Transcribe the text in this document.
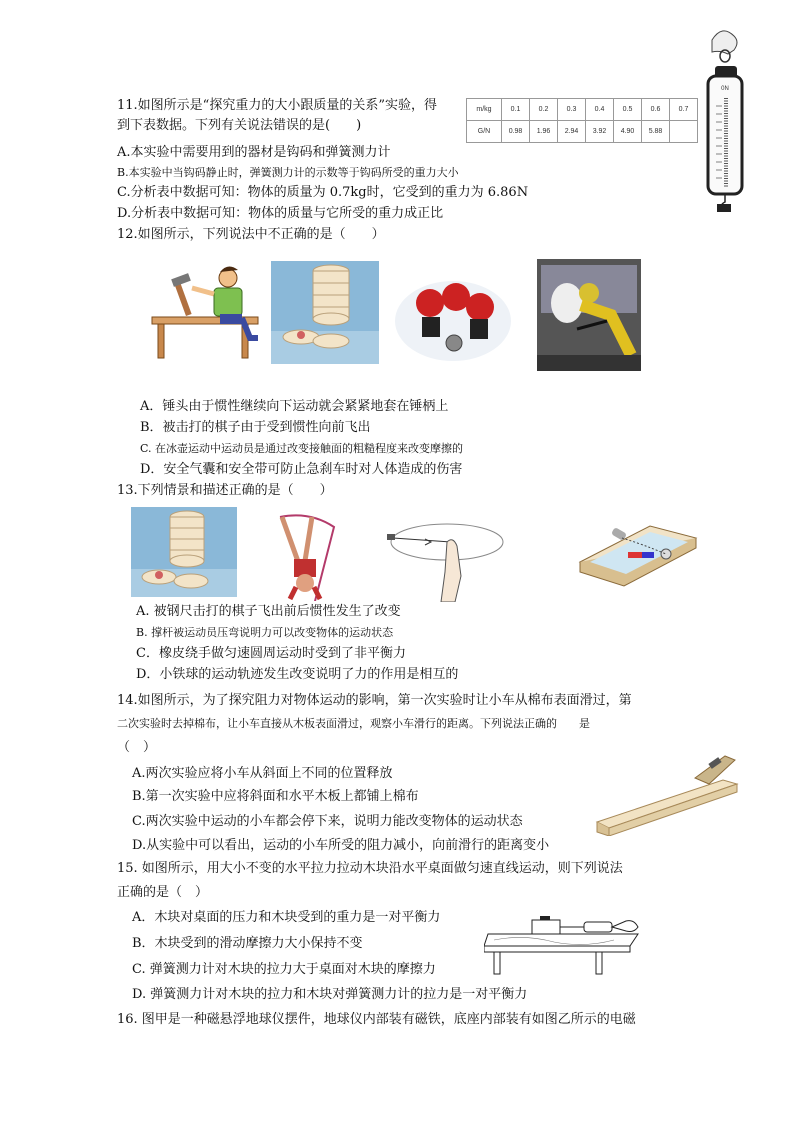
11.如图所示是“探究重力的大小跟质量的关系”实验，得
到下表数据。下列有关说法错误的是(　　)
m/kg	0.1	0.2	0.3	0.4	0.5	0.6	0.7
G/N	0.98	1.96	2.94	3.92	4.90	5.88	
0N
A.本实验中需要用到的器材是钩码和弹簧测力计
B.本实验中当钩码静止时，弹簧测力计的示数等于钩码所受的重力大小
C.分析表中数据可知：物体的质量为 0.7kg时，它受到的重力为 6.86N
D.分析表中数据可知：物体的质量与它所受的重力成正比
12.如图所示，下列说法中不正确的是（　　）
A．锤头由于惯性继续向下运动就会紧紧地套在锤柄上
B．被击打的棋子由于受到惯性向前飞出
C. 在冰壶运动中运动员是通过改变接触面的粗糙程度来改变摩擦的
D．安全气囊和安全带可防止急刹车时对人体造成的伤害
13.下列情景和描述正确的是（　　）
A. 被钢尺击打的棋子飞出前后惯性发生了改变
B. 撑杆被运动员压弯说明力可以改变物体的运动状态
C．橡皮绕手做匀速圆周运动时受到了非平衡力
D．小铁球的运动轨迹发生改变说明了力的作用是相互的
14.如图所示，为了探究阻力对物体运动的影响，第一次实验时让小车从棉布表面滑过，第
二次实验时去掉棉布，让小车直接从木板表面滑过，观察小车滑行的距离。下列说法正确的　　是
（　）
A.两次实验应将小车从斜面上不同的位置释放
B.第一次实验中应将斜面和水平木板上都铺上棉布
C.两次实验中运动的小车都会停下来，说明力能改变物体的运动状态
D.从实验中可以看出，运动的小车所受的阻力减小，向前滑行的距离变小
15. 如图所示，用大小不变的水平拉力拉动木块沿水平桌面做匀速直线运动，则下列说法
正确的是（　）
A．木块对桌面的压力和木块受到的重力是一对平衡力
B．木块受到的滑动摩擦力大小保持不变
C. 弹簧测力计对木块的拉力大于桌面对木块的摩擦力
D. 弹簧测力计对木块的拉力和木块对弹簧测力计的拉力是一对平衡力
16. 图甲是一种磁悬浮地球仪摆件，地球仪内部装有磁铁，底座内部装有如图乙所示的电磁
